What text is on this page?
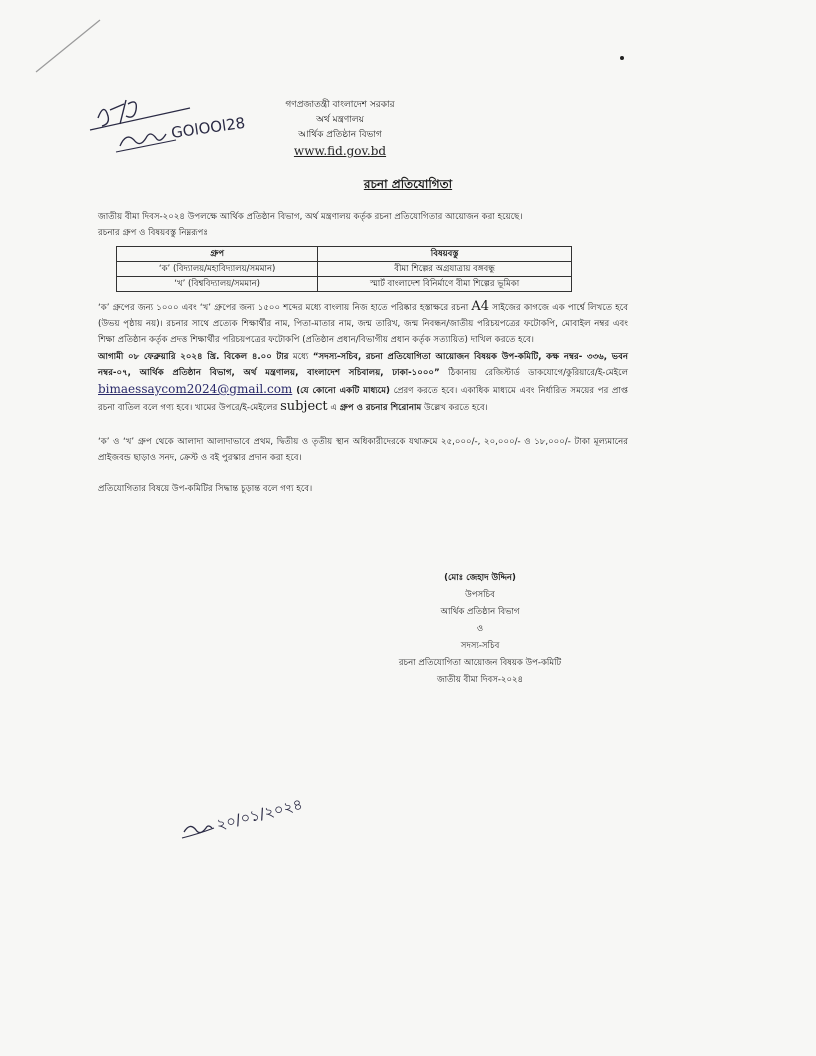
GOlOOl28
গণপ্রজাতন্ত্রী বাংলাদেশ সরকার
অর্থ মন্ত্রণালয়
আর্থিক প্রতিষ্ঠান বিভাগ
www.fid.gov.bd
রচনা প্রতিযোগিতা
জাতীয় বীমা দিবস-২০২৪ উপলক্ষে আর্থিক প্রতিষ্ঠান বিভাগ, অর্থ মন্ত্রণালয় কর্তৃক রচনা প্রতিযোগিতার আয়োজন করা হয়েছে।
রচনার গ্রুপ ও বিষয়বস্তু নিম্নরূপঃ
গ্রুপ	বিষয়বস্তু
‘ক’ (বিদ্যালয়/মহাবিদ্যালয়/সমমান)	বীমা শিল্পের অগ্রযাত্রায় বঙ্গবন্ধু
‘খ’ (বিশ্ববিদ্যালয়/সমমান)	স্মার্ট বাংলাদেশ বিনির্মাণে বীমা শিল্পের ভূমিকা
‘ক’ গ্রুপের জন্য ১০০০ এবং ‘খ’ গ্রুপের জন্য ১৫০০ শব্দের মধ্যে বাংলায় নিজ হাতে পরিষ্কার হস্তাক্ষরে রচনা A4 সাইজের কাগজে এক পার্শ্বে লিখতে হবে (উভয় পৃষ্ঠায় নয়)। রচনার সাথে প্রত্যেক শিক্ষার্থীর নাম, পিতা-মাতার নাম, জন্ম তারিখ, জন্ম নিবন্ধন/জাতীয় পরিচয়পত্রের ফটোকপি, মোবাইল নম্বর এবং শিক্ষা প্রতিষ্ঠান কর্তৃক প্রদত্ত শিক্ষার্থীর পরিচয়পত্রের ফটোকপি (প্রতিষ্ঠান প্রধান/বিভাগীয় প্রধান কর্তৃক সত্যায়িত) দাখিল করতে হবে।
আগামী ০৮ ফেব্রুয়ারি ২০২৪ খ্রি. বিকেল ৪.০০ টার মধ্যে “সদস্য-সচিব, রচনা প্রতিযোগিতা আয়োজন বিষয়ক উপ-কমিটি, কক্ষ নম্বর- ৩৩৬, ভবন নম্বর-০৭, আর্থিক প্রতিষ্ঠান বিভাগ, অর্থ মন্ত্রণালয়, বাংলাদেশ সচিবালয়, ঢাকা-১০০০” ঠিকানায় রেজিস্টার্ড ডাকযোগে/কুরিয়ারে/ই-মেইলে bimaessaycom2024@gmail.com (যে কোনো একটি মাধ্যমে) প্রেরণ করতে হবে। একাধিক মাধ্যমে এবং নির্ধারিত সময়ের পর প্রাপ্ত রচনা বাতিল বলে গণ্য হবে। খামের উপরে/ই-মেইলের subject এ গ্রুপ ও রচনার শিরোনাম উল্লেখ করতে হবে।
‘ক’ ও ‘খ’ গ্রুপ থেকে আলাদা আলাদাভাবে প্রথম, দ্বিতীয় ও তৃতীয় স্থান অধিকারীদেরকে যথাক্রমে ২৫,০০০/-, ২০,০০০/- ও ১৮,০০০/- টাকা মূল্যমানের প্রাইজবন্ড ছাড়াও সনদ, ক্রেস্ট ও বই পুরস্কার প্রদান করা হবে।
প্রতিযোগিতার বিষয়ে উপ-কমিটির সিদ্ধান্ত চূড়ান্ত বলে গণ্য হবে।
(মোঃ জেহাদ উদ্দিন)
উপসচিব
আর্থিক প্রতিষ্ঠান বিভাগ
ও
সদস্য-সচিব
রচনা প্রতিযোগিতা আয়োজন বিষয়ক উপ-কমিটি
জাতীয় বীমা দিবস-২০২৪
২০/০১/২০২৪
